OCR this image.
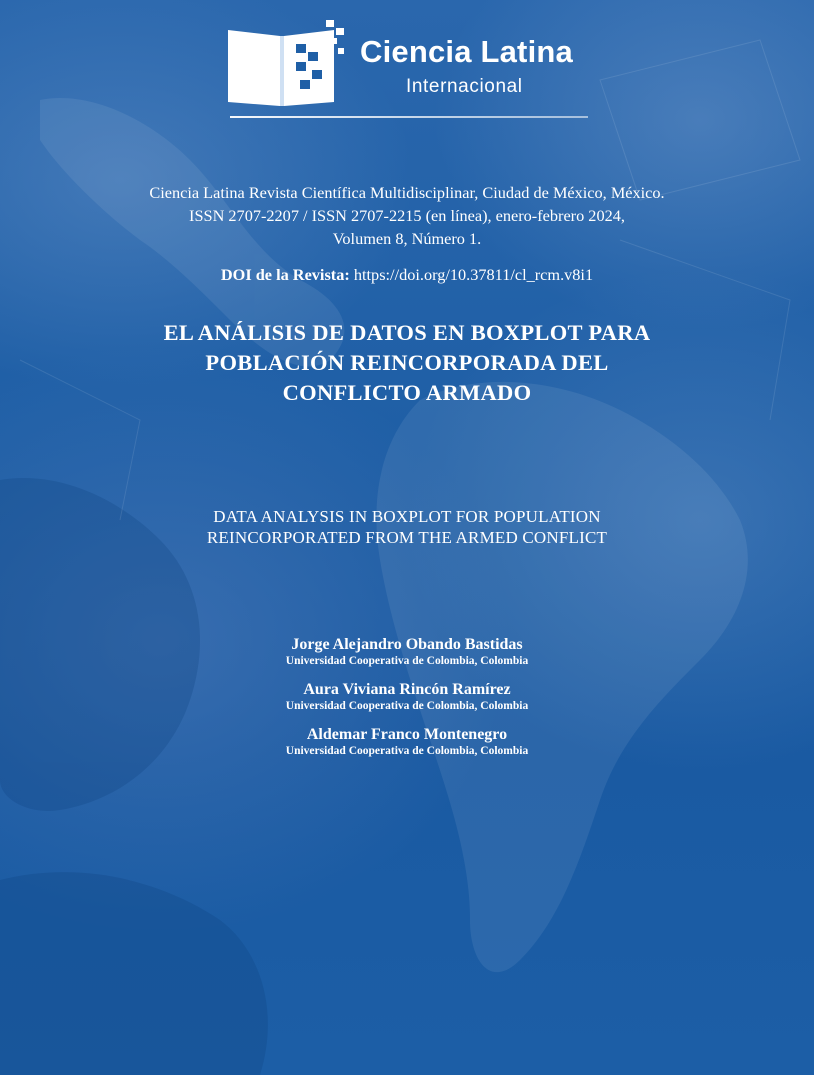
Ciencia Latina
Internacional
Ciencia Latina Revista Científica Multidisciplinar, Ciudad de México, México.
ISSN 2707-2207 / ISSN 2707-2215 (en línea), enero-febrero 2024,
Volumen 8, Número 1.
DOI de la Revista: https://doi.org/10.37811/cl_rcm.v8i1
EL ANÁLISIS DE DATOS EN BOXPLOT PARA
POBLACIÓN REINCORPORADA DEL
CONFLICTO ARMADO
DATA ANALYSIS IN BOXPLOT FOR POPULATION
REINCORPORATED FROM THE ARMED CONFLICT
Jorge Alejandro Obando Bastidas
Universidad Cooperativa de Colombia, Colombia
Aura Viviana Rincón Ramírez
Universidad Cooperativa de Colombia, Colombia
Aldemar Franco Montenegro
Universidad Cooperativa de Colombia, Colombia
